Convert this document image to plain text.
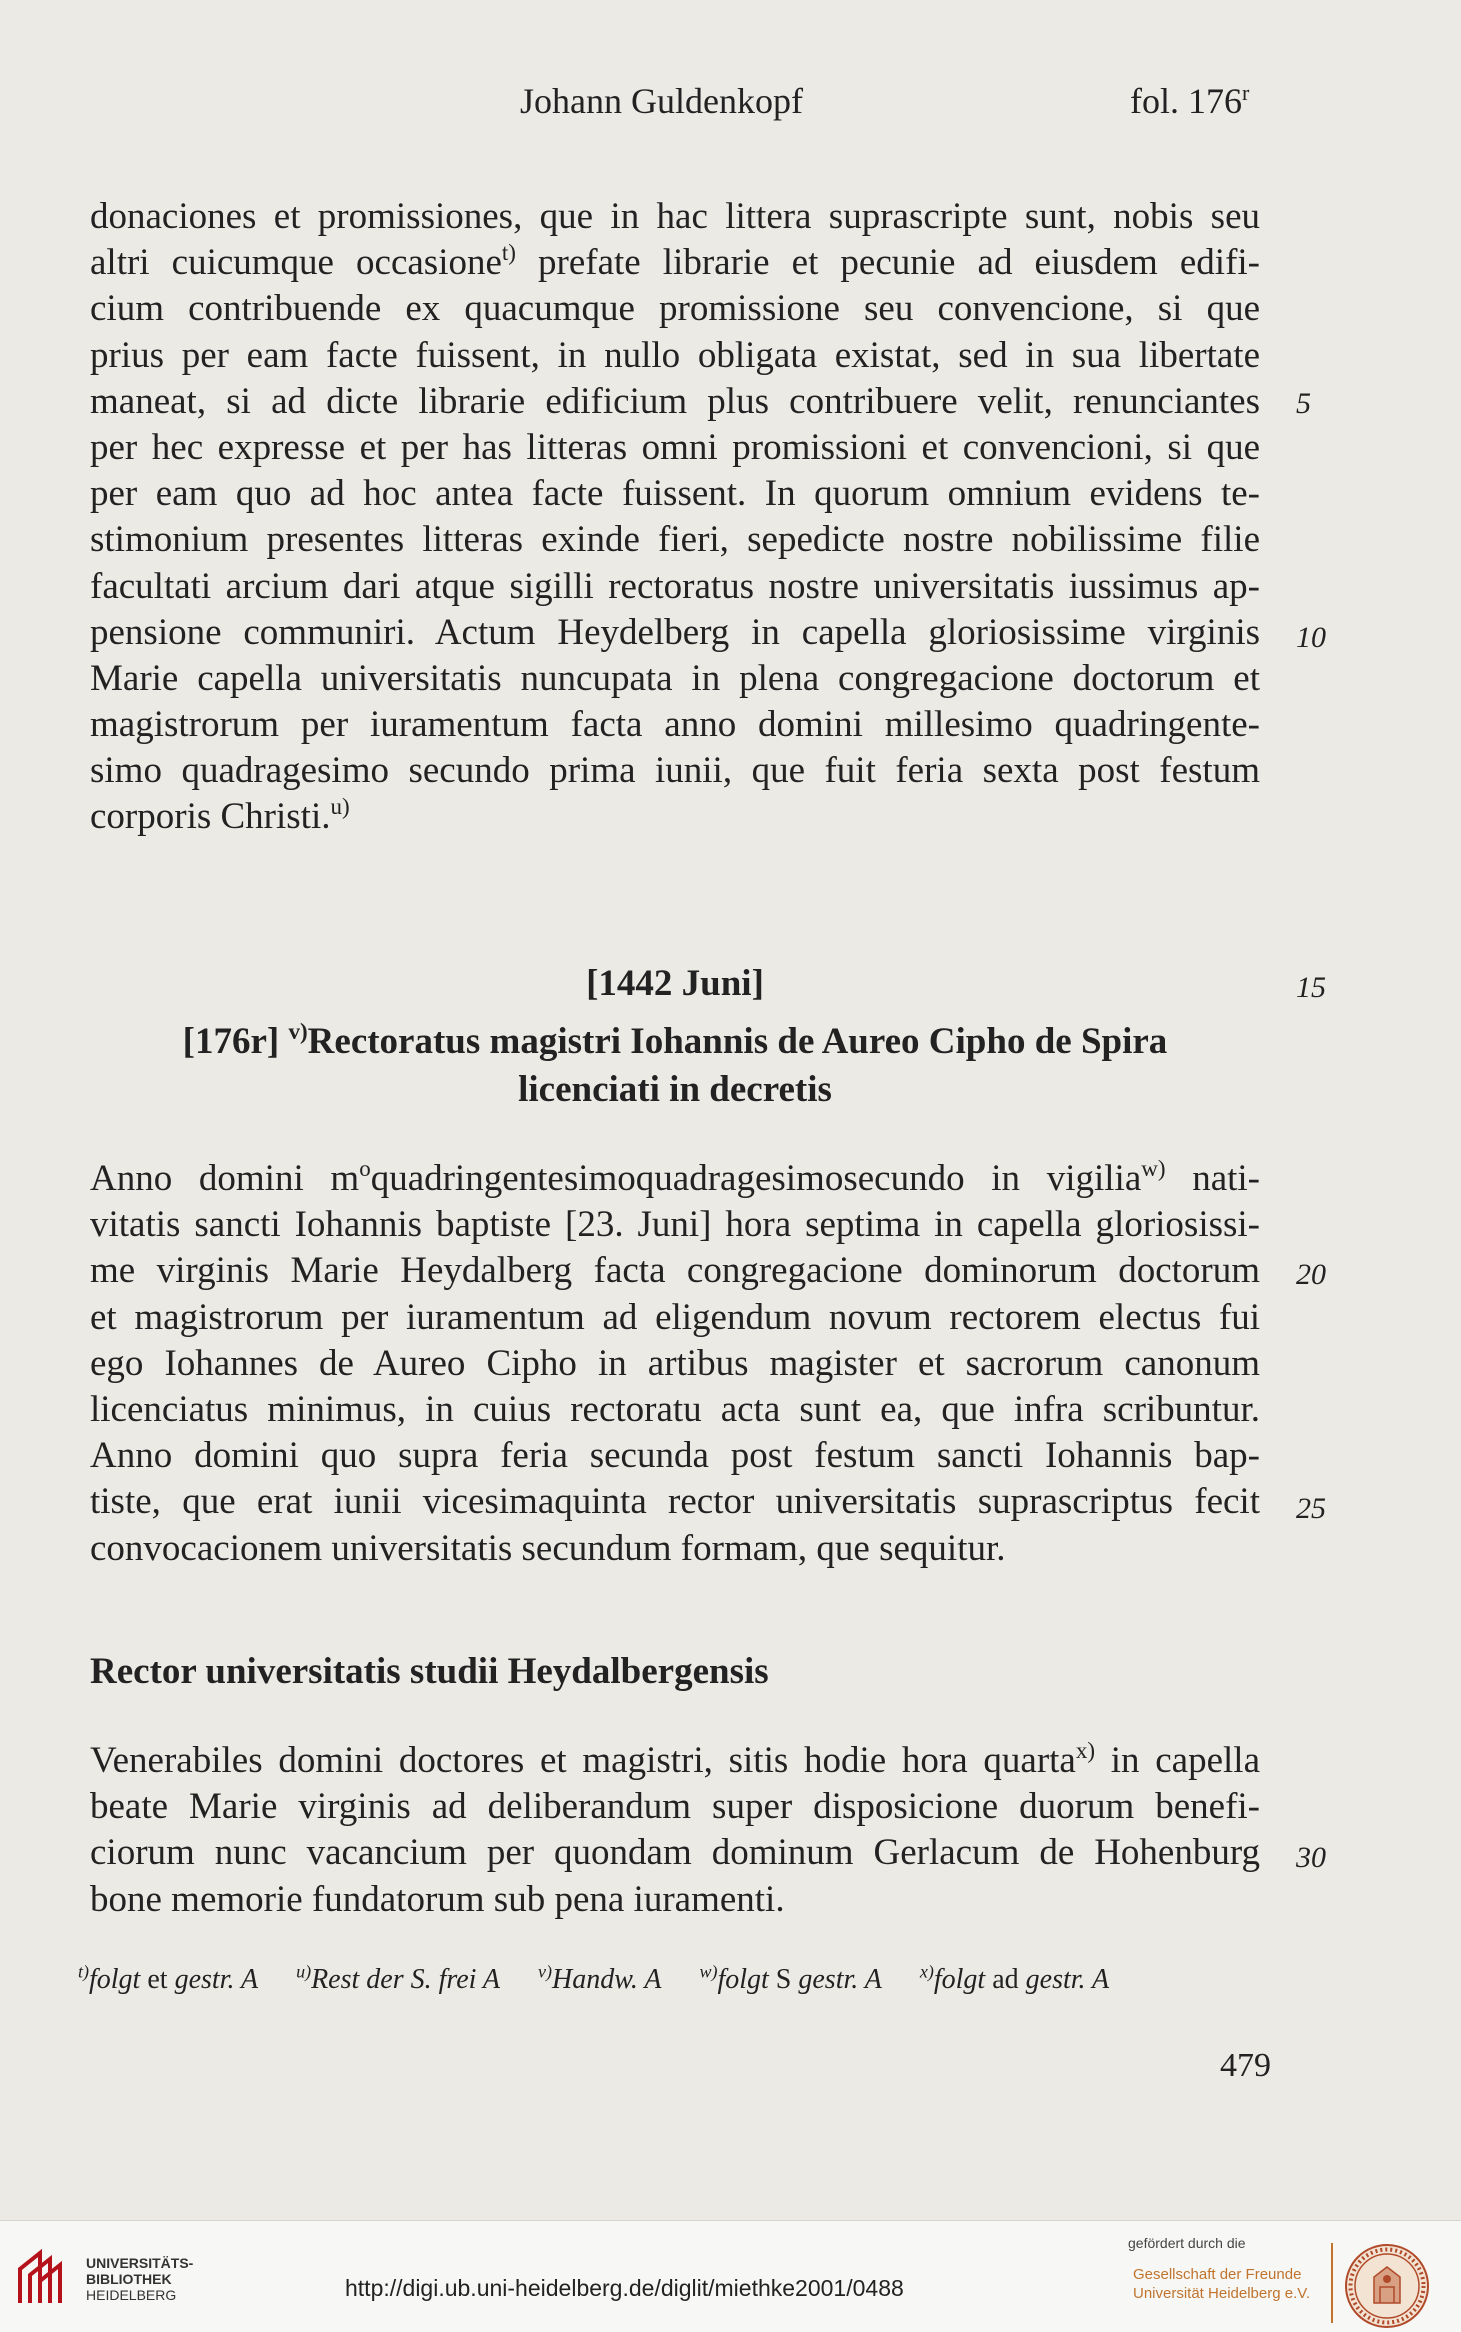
Johann Guldenkopf	fol. 176$^r$
donaciones et promissiones, que in hac littera suprascripte sunt, nobis seu
altri cuicumque occasione$^{t)}$ prefate librarie et pecunie ad eiusdem edifi-
cium contribuende ex quacumque promissione seu convencione, si que
prius per eam facte fuissent, in nullo obligata existat, sed in sua libertate
maneat, si ad dicte librarie edificium plus contribuere velit, renunciantes
per hec expresse et per has litteras omni promissioni et convencioni, si que
per eam quo ad hoc antea facte fuissent. In quorum omnium evidens te-
stimonium presentes litteras exinde fieri, sepedicte nostre nobilissime filie
facultati arcium dari atque sigilli rectoratus nostre universitatis iussimus ap-
pensione communiri. Actum Heydelberg in capella gloriosissime virginis
Marie capella universitatis nuncupata in plena congregacione doctorum et
magistrorum per iuramentum facta anno domini millesimo quadringente-
simo quadragesimo secundo prima iunii, que fuit feria sexta post festum
corporis Christi.$^{u)}$
[1442 Juni]
[176r] $^{v)}$Rectoratus magistri Iohannis de Aureo Cipho de Spira
licenciati in decretis
Anno domini $m^oquadringentesimoquadragesimosecundo$ in vigilia$^{w)}$ nati-
vitatis sancti Iohannis baptiste [23. Juni] hora septima in capella gloriosissi-
me virginis Marie Heydalberg facta congregacione dominorum doctorum
et magistrorum per iuramentum ad eligendum novum rectorem electus fui
ego Iohannes de Aureo Cipho in artibus magister et sacrorum canonum
licenciatus minimus, in cuius rectoratu acta sunt ea, que infra scribuntur.
Anno domini quo supra feria secunda post festum sancti Iohannis bap-
tiste, que erat iunii vicesimaquinta rector universitatis suprascriptus fecit
convocacionem universitatis secundum formam, que sequitur.
Rector universitatis studii Heydalbergensis
Venerabiles domini doctores et magistri, sitis hodie hora quarta$^{x)}$ in capella
beate Marie virginis ad deliberandum super disposicione duorum benefi-
ciorum nunc vacancium per quondam dominum Gerlacum de Hohenburg
bone memorie fundatorum sub pena iuramenti.
5
10
15
20
25
30
$^{t)}$folgt et gestr. A $^{u)}$Rest der S. frei A $^{v)}$Handw. A $^{w)}$folgt S gestr. A $^{x)}$folgt ad gestr. A
479
UNIVERSITÄTS-
BIBLIOTHEK
HEIDELBERG	http://digi.ub.uni-heidelberg.de/diglit/miethke2001/0488
gefördert durch die
Gesellschaft der Freunde
Universität Heidelberg e.V.
